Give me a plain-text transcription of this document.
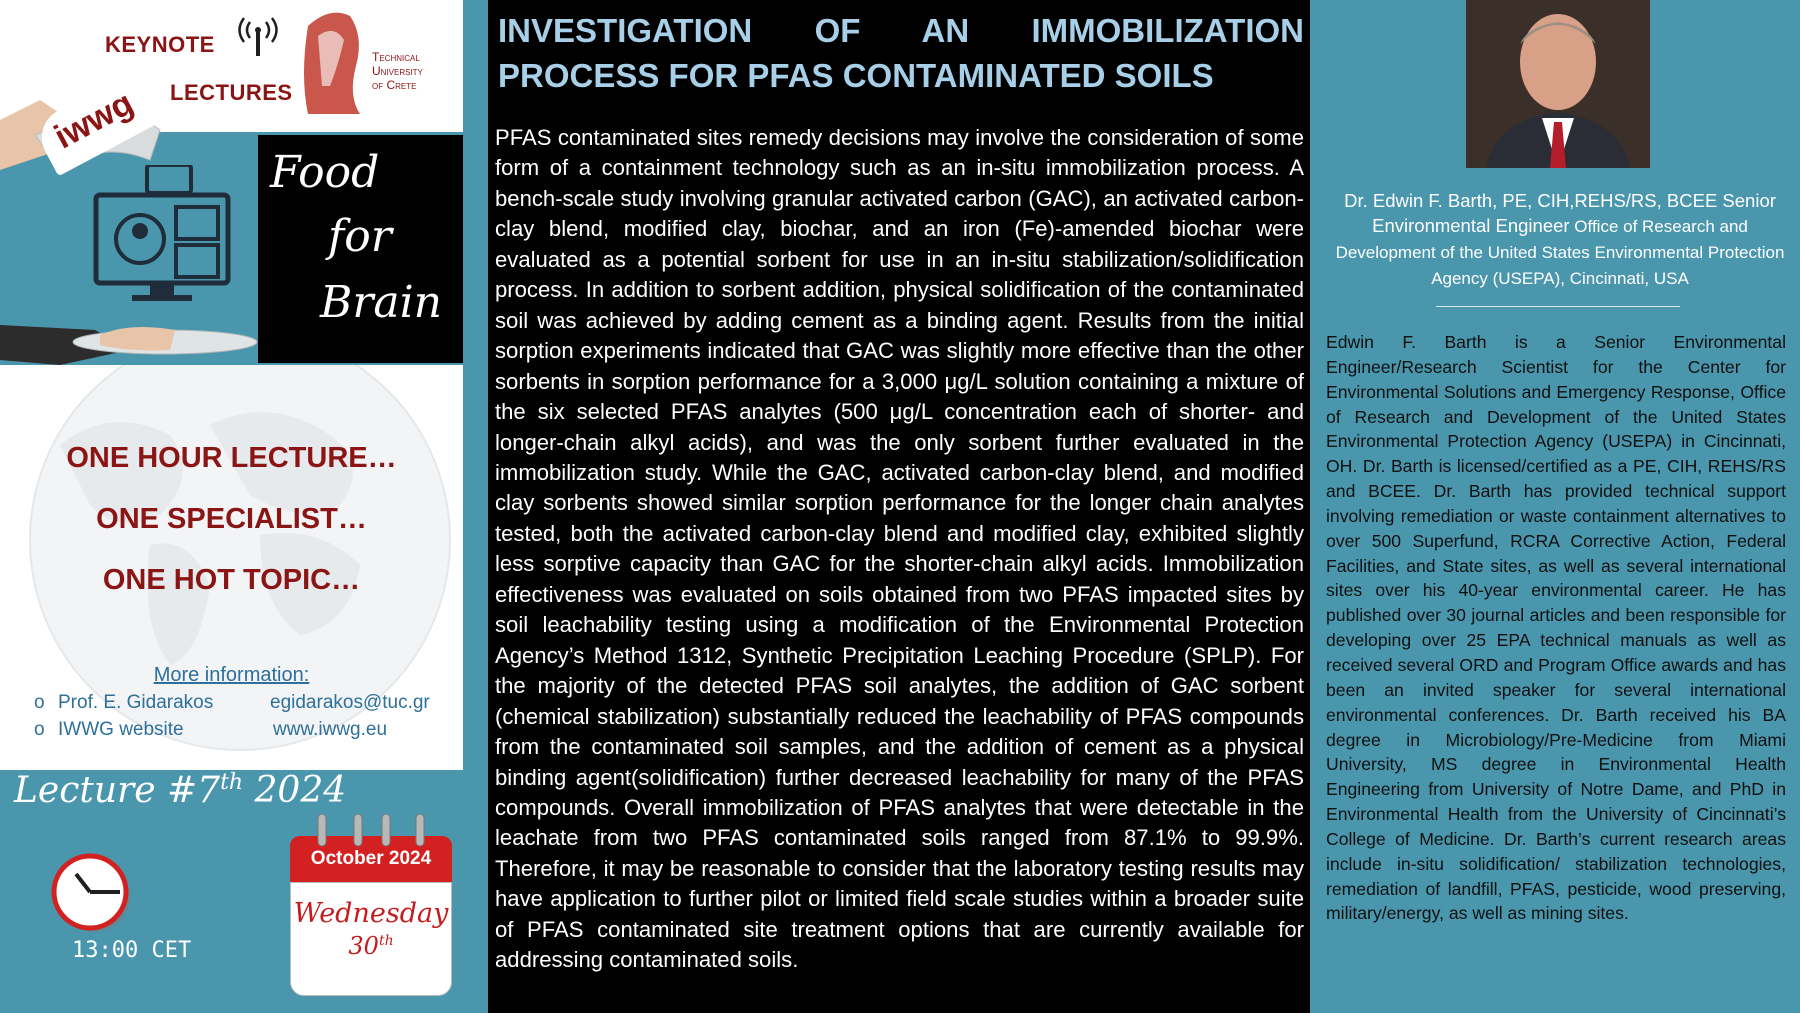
iwwg
KEYNOTE
LECTURES
Technical
University
of Crete
Food
for
Brain
ONE HOUR LECTURE…
ONE SPECIALIST…
ONE HOT TOPIC…
More information:
o Prof. E. Gidarakos	egidarakos@tuc.gr
o IWWG website	www.iwwg.eu
Lecture #7th 2024
13:00 CET
October 2024
Wednesday
30th
INVESTIGATION OF AN IMMOBILIZATION PROCESS FOR PFAS CONTAMINATED SOILS
PFAS contaminated sites remedy decisions may involve the consideration of some form of a containment technology such as an in-situ immobilization process. A bench-scale study involving granular activated carbon (GAC), an activated carbon-clay blend, modified clay, biochar, and an iron (Fe)-amended biochar were evaluated as a potential sorbent for use in an in-situ stabilization/solidification process. In addition to sorbent addition, physical solidification of the contaminated soil was achieved by adding cement as a binding agent. Results from the initial sorption experiments indicated that GAC was slightly more effective than the other sorbents in sorption performance for a 3,000 μg/L solution containing a mixture of the six selected PFAS analytes (500 μg/L concentration each of shorter- and longer-chain alkyl acids), and was the only sorbent further evaluated in the immobilization study. While the GAC, activated carbon-clay blend, and modified clay sorbents showed similar sorption performance for the longer chain analytes tested, both the activated carbon-clay blend and modified clay, exhibited slightly less sorptive capacity than GAC for the shorter-chain alkyl acids. Immobilization effectiveness was evaluated on soils obtained from two PFAS impacted sites by soil leachability testing using a modification of the Environmental Protection Agency’s Method 1312, Synthetic Precipitation Leaching Procedure (SPLP). For the majority of the detected PFAS soil analytes, the addition of GAC sorbent (chemical stabilization) substantially reduced the leachability of PFAS compounds from the contaminated soil samples, and the addition of cement as a physical binding agent(solidification) further decreased leachability for many of the PFAS compounds. Overall immobilization of PFAS analytes that were detectable in the leachate from two PFAS contaminated soils ranged from 87.1% to 99.9%. Therefore, it may be reasonable to consider that the laboratory testing results may have application to further pilot or limited field scale studies within a broader suite of PFAS contaminated site treatment options that are currently available for addressing contaminated soils.
Dr. Edwin F. Barth, PE, CIH,REHS/RS, BCEE Senior Environmental Engineer Office of Research and Development of the United States Environmental Protection Agency (USEPA), Cincinnati, USA
Edwin F. Barth is a Senior Environmental Engineer/Research Scientist for the Center for Environmental Solutions and Emergency Response, Office of Research and Development of the United States Environmental Protection Agency (USEPA) in Cincinnati, OH. Dr. Barth is licensed/certified as a PE, CIH, REHS/RS and BCEE. Dr. Barth has provided technical support involving remediation or waste containment alternatives to over 500 Superfund, RCRA Corrective Action, Federal Facilities, and State sites, as well as several international sites over his 40-year environmental career. He has published over 30 journal articles and been responsible for developing over 25 EPA technical manuals as well as received several ORD and Program Office awards and has been an invited speaker for several international environmental conferences. Dr. Barth received his BA degree in Microbiology/Pre-Medicine from Miami University, MS degree in Environmental Health Engineering from University of Notre Dame, and PhD in Environmental Health from the University of Cincinnati’s College of Medicine. Dr. Barth’s current research areas include in-situ solidification/ stabilization technologies, remediation of landfill, PFAS, pesticide, wood preserving, military/energy, as well as mining sites.
